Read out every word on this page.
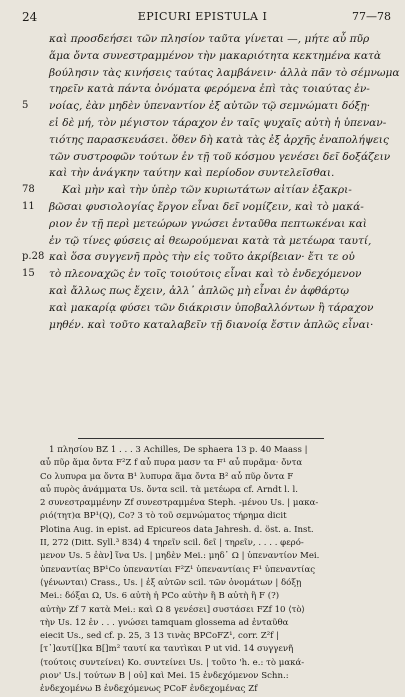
24	EPICURI EPISTULA I	77—78
καὶ προσδεήσει τῶν πλησίον ταῦτα γίνεται —, μήτε αὖ πῦρ
ἅμα ὄντα συνεστραμμένον τὴν μακαριότητα κεκτημένα κατὰ
βούλησιν τὰς κινήσεις ταύτας λαμβάνειν· ἀλλὰ πᾶν τὸ σέμνωμα
τηρεῖν κατὰ πάντα ὀνόματα φερόμενα ἐπὶ τὰς τοιαύτας ἐν-
5 νοίας, ἐὰν μηδὲν ὑπεναντίον ἐξ αὐτῶν τῷ σεμνώματι δόξῃ·
εἰ δὲ μή, τὸν μέγιστον τάραχον ἐν ταῖς ψυχαῖς αὐτὴ ἡ ὑπεναν-
τιότης παρασκευάσει. ὅθεν δὴ κατὰ τὰς ἐξ ἀρχῆς ἐναπολήψεις
τῶν συστροφῶν τούτων ἐν τῇ τοῦ κόσμου γενέσει δεῖ δοξάζειν
καὶ τὴν ἀνάγκην ταύτην καὶ περίοδον συντελεῖσθαι.
78	Καὶ μὴν καὶ τὴν ὑπὲρ τῶν κυριωτάτων αἰτίαν ἐξακρι-
11 βῶσαι φυσιολογίας ἔργον εἶναι δεῖ νομίζειν, καὶ τὸ μακά-
ριον ἐν τῇ περὶ μετεώρων γνώσει ἐνταῦθα πεπτωκέναι καὶ
ἐν τῷ τίνες φύσεις αἱ θεωρούμεναι κατὰ τὰ μετέωρα ταυτί,
p.28 καὶ ὅσα συγγενῆ πρὸς τὴν εἰς τοῦτο ἀκρίβειαν· ἔτι τε οὐ
15 τὸ πλεοναχῶς ἐν τοῖς τοιούτοις εἶναι καὶ τὸ ἐνδεχόμενον
καὶ ἄλλως πως ἔχειν, ἀλλ᾽ ἁπλῶς μὴ εἶναι ἐν ἀφθάρτῳ
καὶ μακαρίᾳ φύσει τῶν διάκρισιν ὑποβαλλόντων ἢ τάραχον
μηθέν. καὶ τοῦτο καταλαβεῖν τῇ διανοίᾳ ἔστιν ἁπλῶς εἶναι·
1 πλησίου BZ 1 . . . 3 Achilles, De sphaera 13 p. 40 Maass |
αὖ πῦρ ἅμα ὄντα F²Z f αὖ πυρα μασν τα F¹ αὖ πυρᾶμα· ὄντα
Co λυπυρα μα ὄντα B¹ λυπυρα ἅμα ὄντα B² αὖ πῦρ ὄντα F
αὖ πυρὸς ἀνάμματα Us. ὄντα scil. τὰ μετέωρα cf. Arndt l. l.
2 συνεστραμμένην Zf συνεστραμμένα Steph. -μένου Us. | μακα-
ριό(τητ)α BP¹(Q), Co? 3 τὸ τοῦ σεμνώματος τήρημα dicit
Plotina Aug. in epist. ad Epicureos data Jahresh. d. öst. a. Inst.
II, 272 (Ditt. Syll.³ 834) 4 τηρεῖν scil. δεῖ | τηρεῖν, . . . . φερό-
μενον Us. 5 ἐὰν] ἵνα Us. | μηδὲν Mei.: μηδ᾽ Ω | ὑπεναντίον Mei.
ὑπεναντίας BP¹Co ὑπεναντίαι F²Z¹ ὑπεναντίαις F¹ ὑπεναντίας
⟨γένωνται⟩ Crass., Us. | ἐξ αὐτῶν scil. τῶν ὀνομάτων | δόξῃ
Mei.: δόξαι Ω, Us. 6 αὐτὴ ἡ PCo αὐτὴν ἢ B αὐτὴ ἢ F (?)
αὐτὴν Zf 7 κατὰ Mei.: καὶ Ω 8 γενέσει] συστάσει FZf 10 ⟨τὸ⟩
τὴν Us. 12 ἐν . . . γνώσει tamquam glossema ad ἐνταῦθα
eiecit Us., sed cf. p. 25, 3 13 τινὰς BPCoFZ¹, corr. Z²f |
[τ᾽]αυτί[]κα B[]m² ταυτί κα ταυτὶκαι P ut vid. 14 συγγενῆ
⟨τούτοις συντείνει⟩ Ko. συντείνει Us. | τοῦτο 'h. e.: τὸ μακά-
ριον' Us.| τούτων B | οὐ] καὶ Mei. 15 ἐνδεχόμενον Schn.:
ἐνδεχομένω B ἐνδεχόμενως PCoF ἐνδεχομένας Zf
